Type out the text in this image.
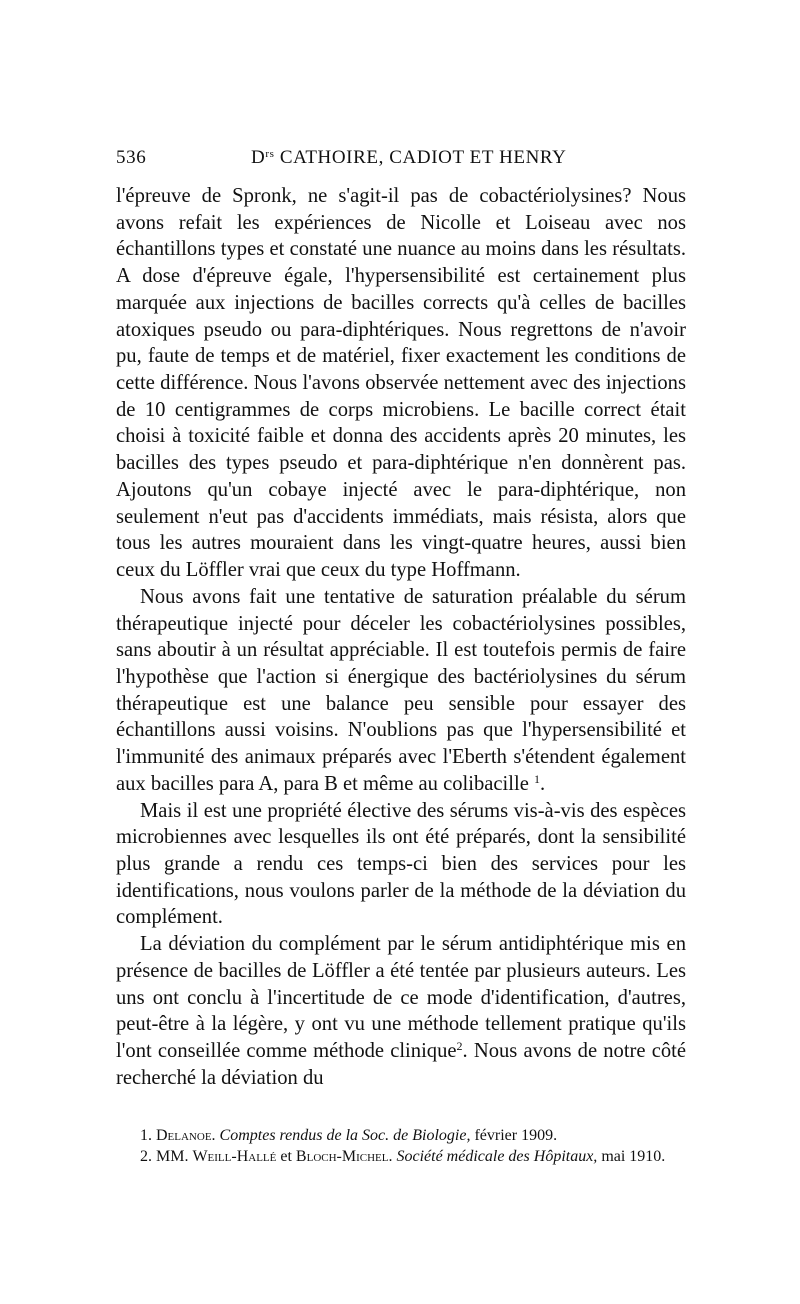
536	$D^{rs}$ CATHOIRE, CADIOT ET HENRY

l'épreuve de Spronk, ne s'agit-il pas de cobactériolysines? Nous avons refait les expériences de Nicolle et Loiseau avec nos échantillons types et constaté une nuance au moins dans les résultats. A dose d'épreuve égale, l'hypersensibilité est certainement plus marquée aux injections de bacilles corrects qu'à celles de bacilles atoxiques pseudo ou para-diphtériques. Nous regrettons de n'avoir pu, faute de temps et de matériel, fixer exactement les conditions de cette différence. Nous l'avons observée nettement avec des injections de 10 centigrammes de corps microbiens. Le bacille correct était choisi à toxicité faible et donna des accidents après 20 minutes, les bacilles des types pseudo et para-diphtérique n'en donnèrent pas. Ajoutons qu'un cobaye injecté avec le para-diphtérique, non seulement n'eut pas d'accidents immédiats, mais résista, alors que tous les autres mouraient dans les vingt-quatre heures, aussi bien ceux du Löffler vrai que ceux du type Hoffmann.

Nous avons fait une tentative de saturation préalable du sérum thérapeutique injecté pour déceler les cobactériolysines possibles, sans aboutir à un résultat appréciable. Il est toutefois permis de faire l'hypothèse que l'action si énergique des bactériolysines du sérum thérapeutique est une balance peu sensible pour essayer des échantillons aussi voisins. N'oublions pas que l'hypersensibilité et l'immunité des animaux préparés avec l'Eberth s'étendent également aux bacilles para A, para B et même au colibacille $^1$.

Mais il est une propriété élective des sérums vis-à-vis des espèces microbiennes avec lesquelles ils ont été préparés, dont la sensibilité plus grande a rendu ces temps-ci bien des services pour les identifications, nous voulons parler de la méthode de la déviation du complément.

La déviation du complément par le sérum antidiphtérique mis en présence de bacilles de Löffler a été tentée par plusieurs auteurs. Les uns ont conclu à l'incertitude de ce mode d'identification, d'autres, peut-être à la légère, y ont vu une méthode tellement pratique qu'ils l'ont conseillée comme méthode clinique$^2$. Nous avons de notre côté recherché la déviation du

1. Delanoe. Comptes rendus de la Soc. de Biologie, février 1909.

2. MM. Weill-Hallé et Bloch-Michel. Société médicale des Hôpitaux, mai 1910.
